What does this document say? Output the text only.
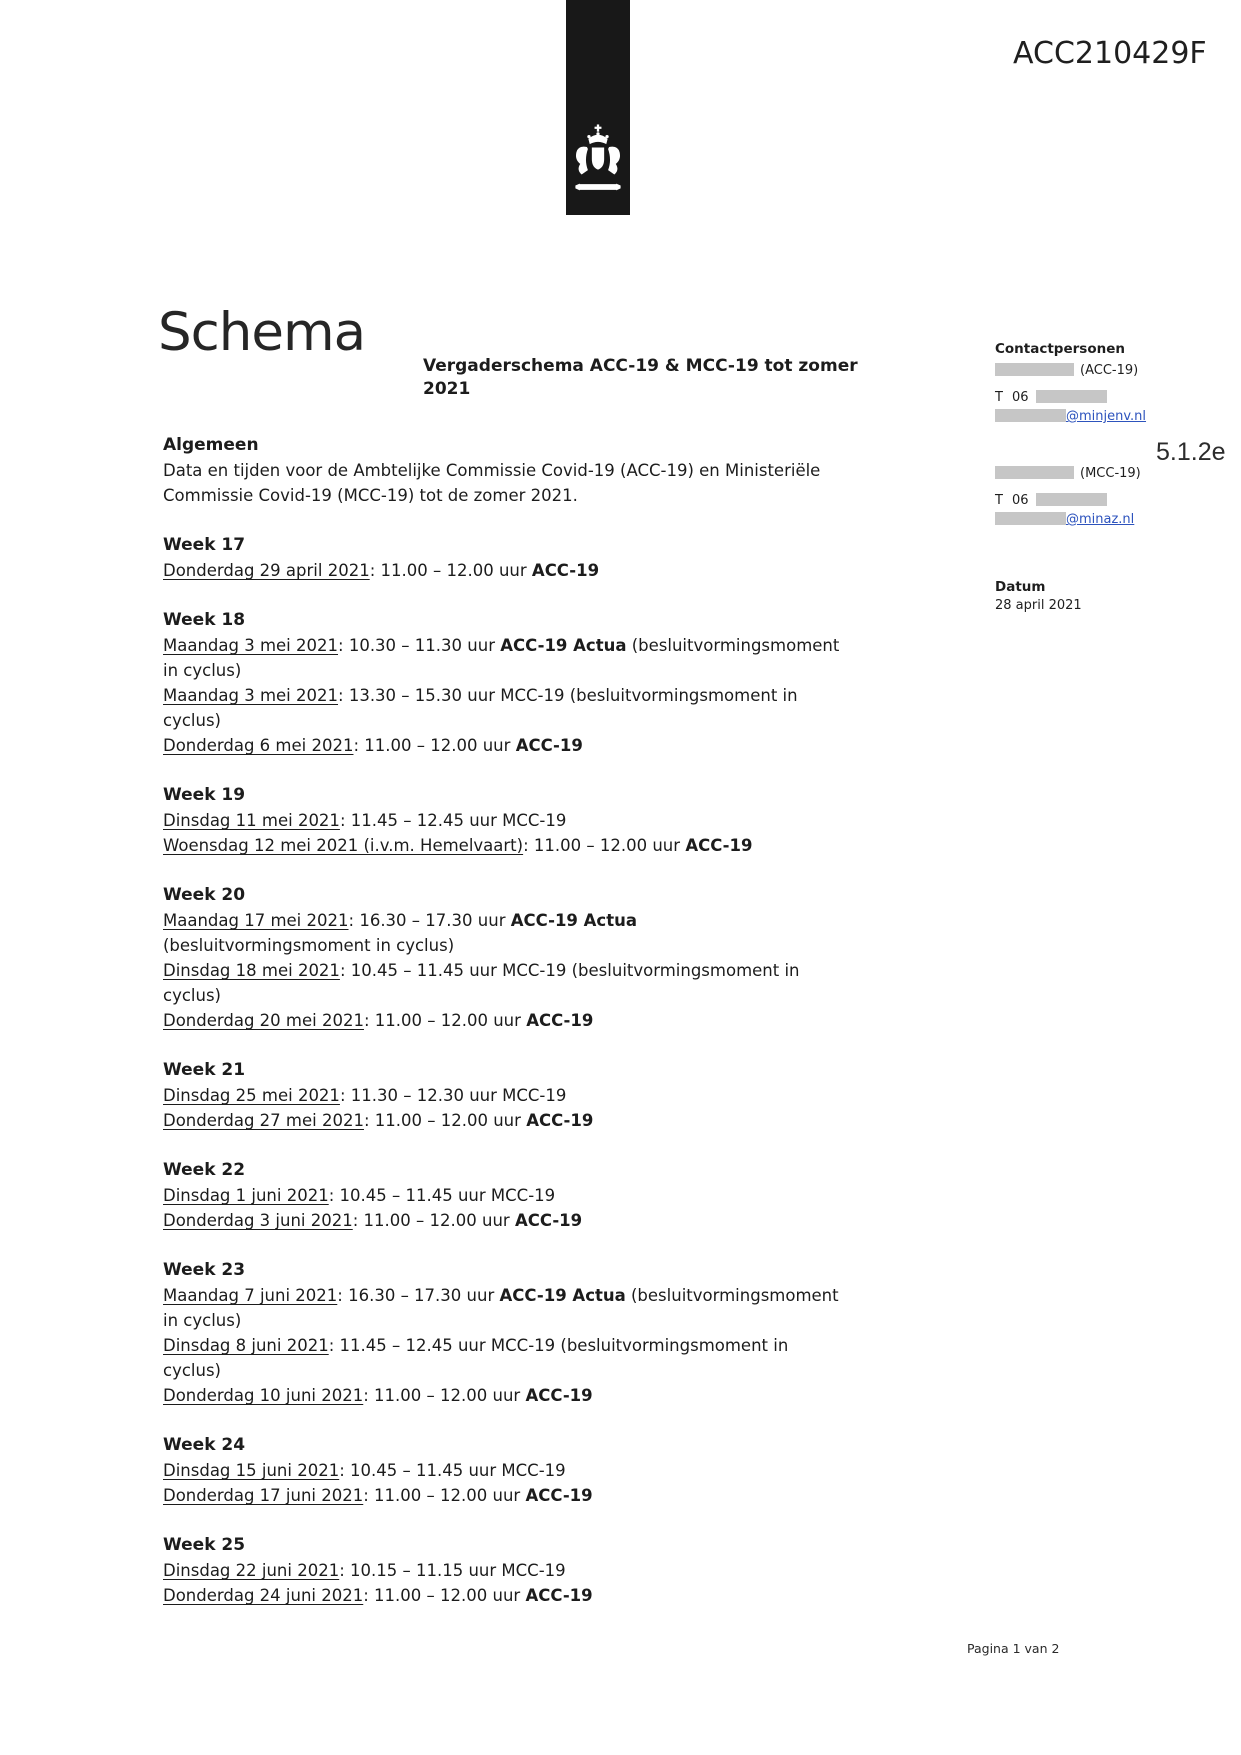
ACC210429F
Schema
Vergaderschema ACC-19 & MCC-19 tot zomer
2021
Contactpersonen
(ACC-19)
T 06
@minjenv.nl
(MCC-19)
T 06
@minaz.nl
Datum
28 april 2021
5.1.2e
Algemeen
Data en tijden voor de Ambtelijke Commissie Covid-19 (ACC-19) en Ministeriële
Commissie Covid-19 (MCC-19) tot de zomer 2021.
Week 17
Donderdag 29 april 2021: 11.00 – 12.00 uur ACC-19
Week 18
Maandag 3 mei 2021: 10.30 – 11.30 uur ACC-19 Actua (besluitvormingsmoment
in cyclus)
Maandag 3 mei 2021: 13.30 – 15.30 uur MCC-19 (besluitvormingsmoment in
cyclus)
Donderdag 6 mei 2021: 11.00 – 12.00 uur ACC-19
Week 19
Dinsdag 11 mei 2021: 11.45 – 12.45 uur MCC-19
Woensdag 12 mei 2021 (i.v.m. Hemelvaart): 11.00 – 12.00 uur ACC-19
Week 20
Maandag 17 mei 2021: 16.30 – 17.30 uur ACC-19 Actua
(besluitvormingsmoment in cyclus)
Dinsdag 18 mei 2021: 10.45 – 11.45 uur MCC-19 (besluitvormingsmoment in
cyclus)
Donderdag 20 mei 2021: 11.00 – 12.00 uur ACC-19
Week 21
Dinsdag 25 mei 2021: 11.30 – 12.30 uur MCC-19
Donderdag 27 mei 2021: 11.00 – 12.00 uur ACC-19
Week 22
Dinsdag 1 juni 2021: 10.45 – 11.45 uur MCC-19
Donderdag 3 juni 2021: 11.00 – 12.00 uur ACC-19
Week 23
Maandag 7 juni 2021: 16.30 – 17.30 uur ACC-19 Actua (besluitvormingsmoment
in cyclus)
Dinsdag 8 juni 2021: 11.45 – 12.45 uur MCC-19 (besluitvormingsmoment in
cyclus)
Donderdag 10 juni 2021: 11.00 – 12.00 uur ACC-19
Week 24
Dinsdag 15 juni 2021: 10.45 – 11.45 uur MCC-19
Donderdag 17 juni 2021: 11.00 – 12.00 uur ACC-19
Week 25
Dinsdag 22 juni 2021: 10.15 – 11.15 uur MCC-19
Donderdag 24 juni 2021: 11.00 – 12.00 uur ACC-19
Pagina 1 van 2
